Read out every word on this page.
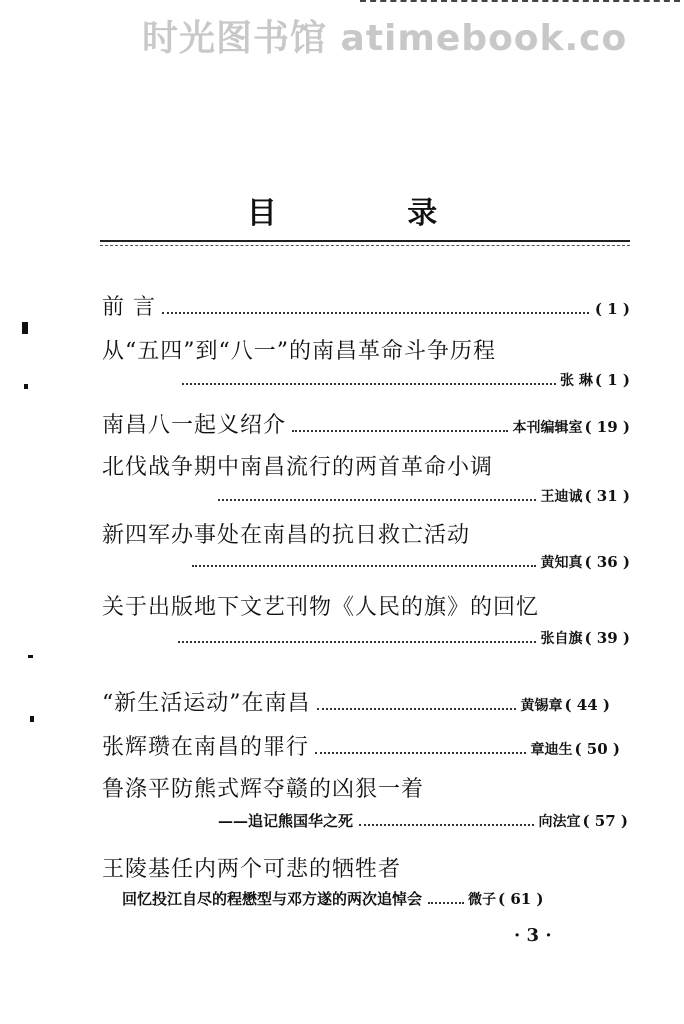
时光图书馆 atimebook.co
目 录
前 言	( 1 )
从“五四”到“八一”的南昌革命斗争历程
张 琳 ( 1 )
南昌八一起义绍介	本刊编辑室 ( 19 )
北伐战争期中南昌流行的两首革命小调
王迪诚 ( 31 )
新四军办事处在南昌的抗日救亡活动
黄知真 ( 36 )
关于出版地下文艺刊物《人民的旗》的回忆
张自旗 ( 39 )
“新生活运动”在南昌	黄锡章 ( 44 )
张辉瓒在南昌的罪行	章迪生 ( 50 )
鲁涤平防熊式辉夺赣的凶狠一着
——追记熊国华之死	向法宜 ( 57 )
王陵基任内两个可悲的牺牲者
回忆投江自尽的程懋型与邓方遂的两次追悼会	微子 ( 61 )
· 3 ·
